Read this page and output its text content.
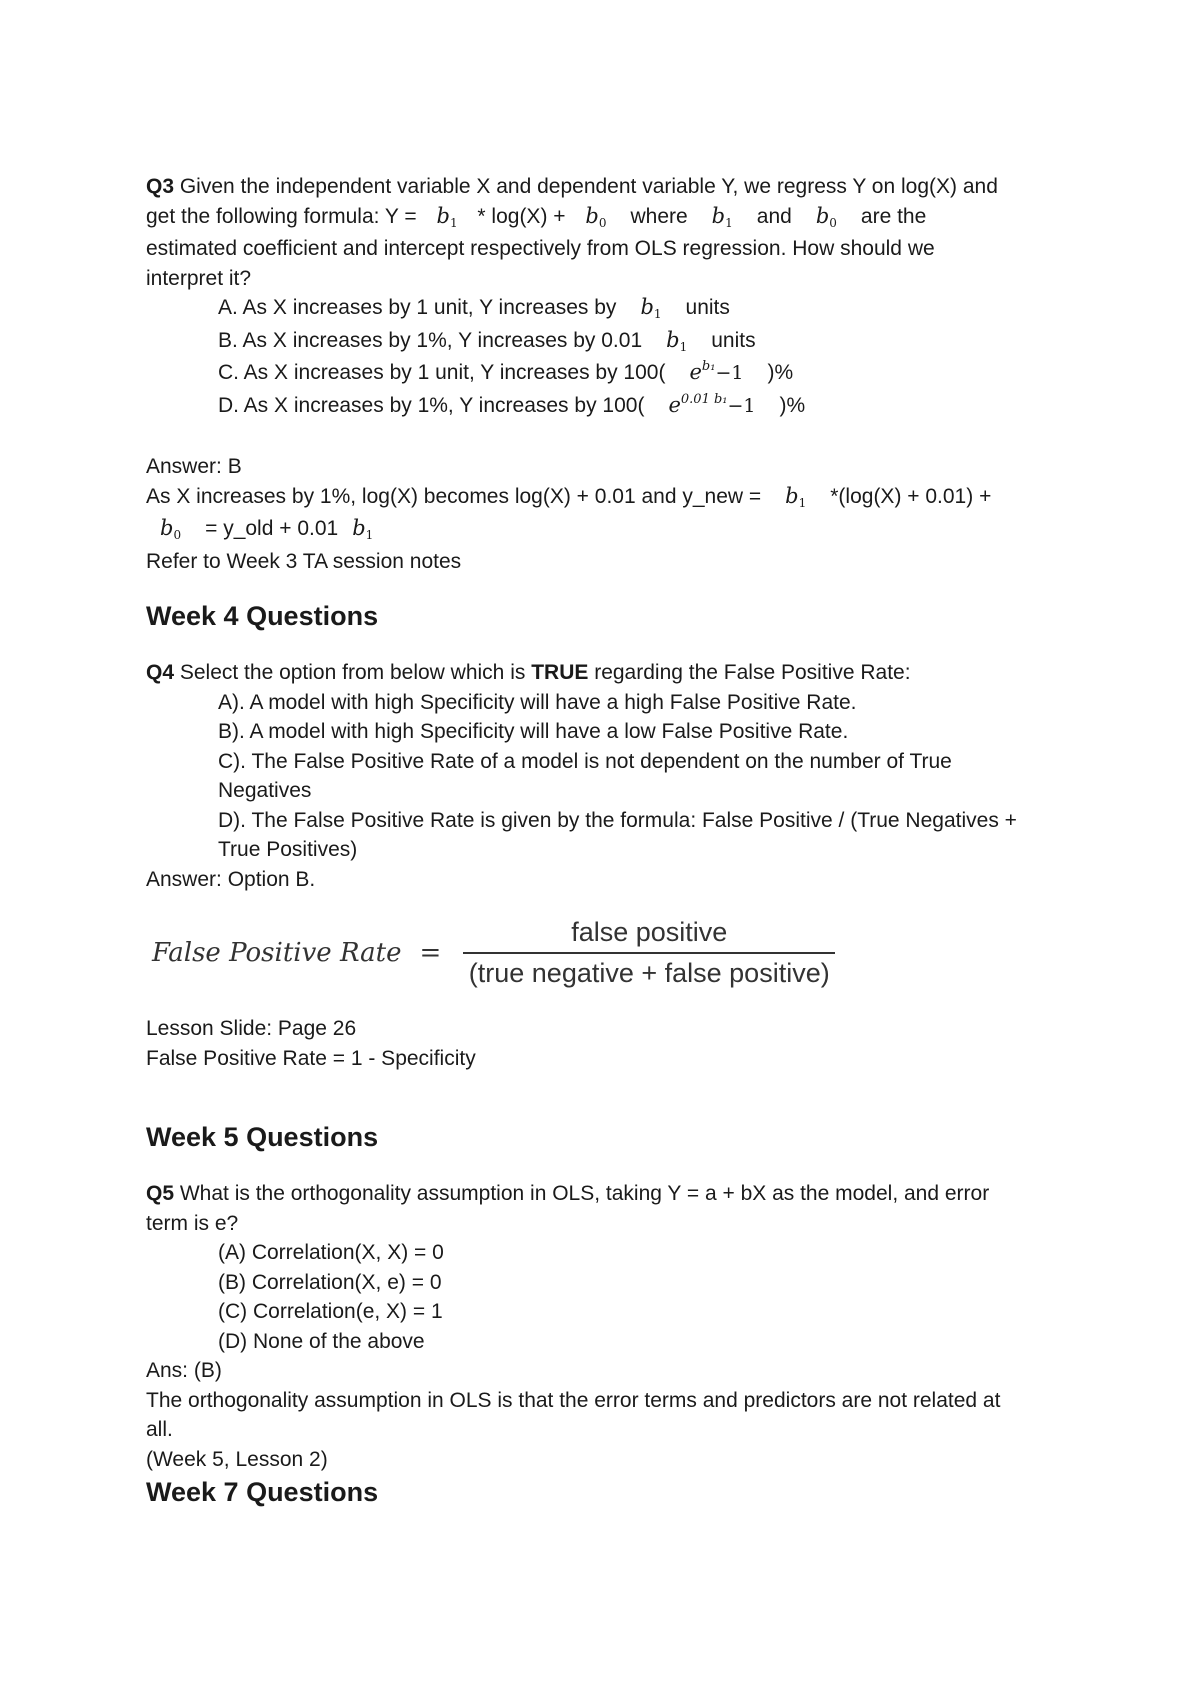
Q3 Given the independent variable X and dependent variable Y, we regress Y on log(X) and
get the following formula: Y = b1 * log(X) + b0 where b1 and b0 are the
estimated coefficient and intercept respectively from OLS regression. How should we
interpret it?
A. As X increases by 1 unit, Y increases by b1 units
B. As X increases by 1%, Y increases by 0.01 b1 units
C. As X increases by 1 unit, Y increases by 100( $e^{b_1}-1$ )%
D. As X increases by 1%, Y increases by 100( $e^{0.01 b_1}-1$ )%
Answer: B
As X increases by 1%, log(X) becomes log(X) + 0.01 and y_new = b1 *(log(X) + 0.01) +
b0 = y_old + 0.01 b1
Refer to Week 3 TA session notes
Week 4 Questions
Q4 Select the option from below which is TRUE regarding the False Positive Rate:
A). A model with high Specificity will have a high False Positive Rate.
B). A model with high Specificity will have a low False Positive Rate.
C). The False Positive Rate of a model is not dependent on the number of True
Negatives
D). The False Positive Rate is given by the formula: False Positive / (True Negatives +
True Positives)
Answer: Option B.
False Positive Rate = $\frac{\text{false positive}}{\text{(true negative + false positive)}}$
Lesson Slide: Page 26
False Positive Rate = 1 - Specificity
Week 5 Questions
Q5 What is the orthogonality assumption in OLS, taking Y = a + bX as the model, and error
term is e?
(A) Correlation(X, X) = 0
(B) Correlation(X, e) = 0
(C) Correlation(e, X) = 1
(D) None of the above
Ans: (B)
The orthogonality assumption in OLS is that the error terms and predictors are not related at
all.
(Week 5, Lesson 2)
Week 7 Questions
